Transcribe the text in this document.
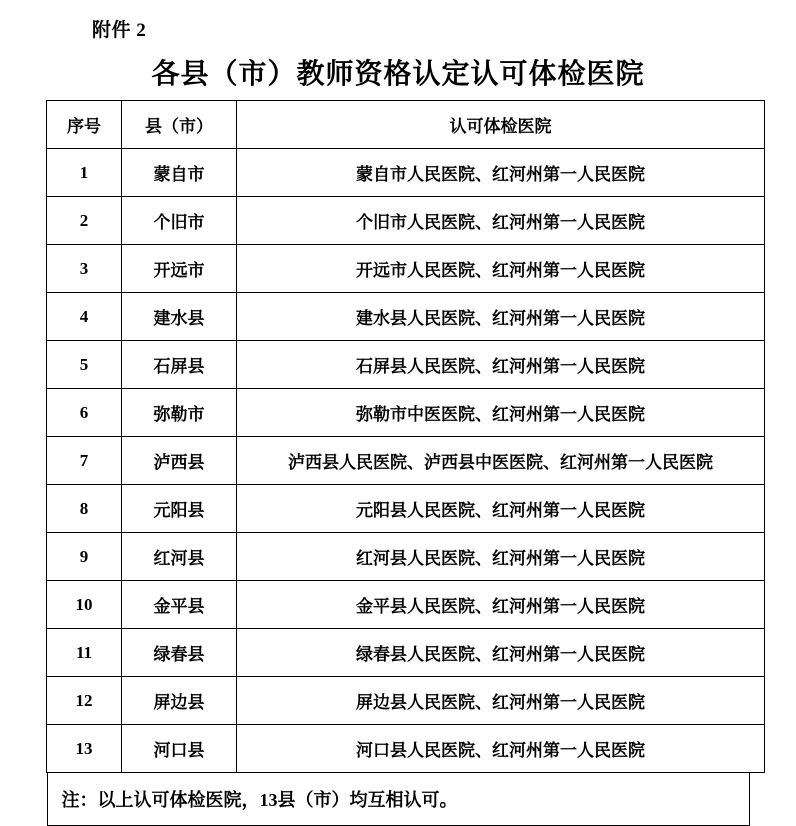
附件 2
各县（市）教师资格认定认可体检医院
序号	县（市）	认可体检医院
1	蒙自市	蒙自市人民医院、红河州第一人民医院
2	个旧市	个旧市人民医院、红河州第一人民医院
3	开远市	开远市人民医院、红河州第一人民医院
4	建水县	建水县人民医院、红河州第一人民医院
5	石屏县	石屏县人民医院、红河州第一人民医院
6	弥勒市	弥勒市中医医院、红河州第一人民医院
7	泸西县	泸西县人民医院、泸西县中医医院、红河州第一人民医院
8	元阳县	元阳县人民医院、红河州第一人民医院
9	红河县	红河县人民医院、红河州第一人民医院
10	金平县	金平县人民医院、红河州第一人民医院
11	绿春县	绿春县人民医院、红河州第一人民医院
12	屏边县	屏边县人民医院、红河州第一人民医院
13	河口县	河口县人民医院、红河州第一人民医院
注：以上认可体检医院，13县（市）均互相认可。
